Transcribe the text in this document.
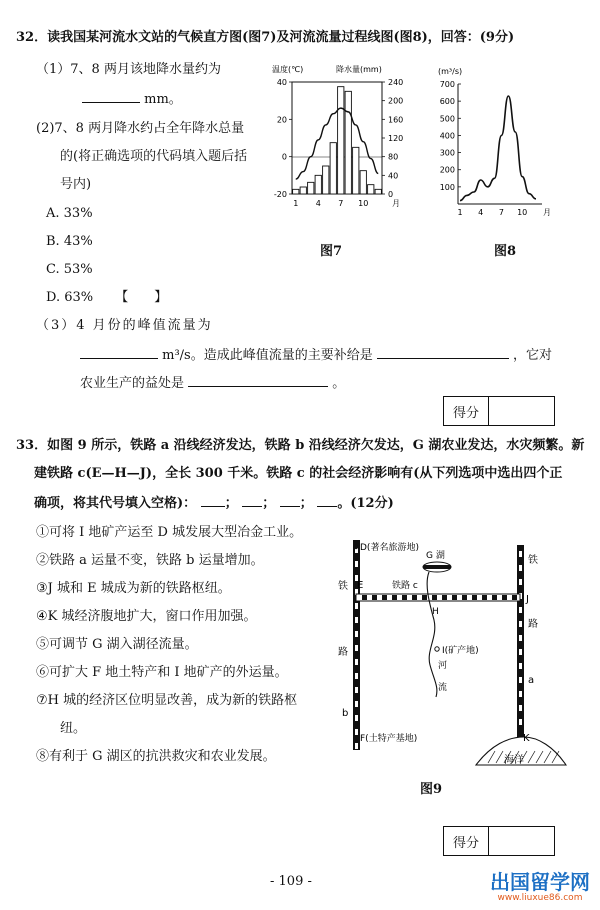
32．读我国某河流水文站的气候直方图(图7)及河流流量过程线图(图8)，回答：(9分)
（1）7、8 两月该地降水量约为
mm。
(2)7、8 两月降水约占全年降水总量
的(将正确选项的代码填入题后括
号内)
A. 33%
B. 43%
C. 53%
D. 63% 【　　】
（3）4 月份的峰值流量为
m³/s。造成此峰值流量的主要补给是	，它对
农业生产的益处是	。
得分
温度(℃)	降水量(mm)
40
20
0
-20
240
200
160
120
80
40
0
1 4 7 10	月
图7
(m³/s)
700
600
500
400
300
200
100
1 4 7 10 月
图8
33．如图 9 所示，铁路 a 沿线经济发达，铁路 b 沿线经济欠发达，G 湖农业发达，水灾频繁。新
建铁路 c(E—H—J)，全长 300 千米。铁路 c 的社会经济影响有(从下列选项中选出四个正
确项，将其代号填入空格)： ； ； ； 。(12分)
①可将 I 地矿产运至 D 城发展大型冶金工业。
②铁路 a 运量不变，铁路 b 运量增加。
③J 城和 E 城成为新的铁路枢纽。
④K 城经济腹地扩大，窗口作用加强。
⑤可调节 G 湖入湖径流量。
⑥可扩大 F 地土特产和 I 地矿产的外运量。
⑦H 城的经济区位明显改善，成为新的铁路枢
纽。
⑧有利于 G 湖区的抗洪救灾和农业发展。
D(著名旅游地)
G 湖
E	铁路 c
H
J
I(矿产地)
F(土特产基地)	K
海洋
铁
路
b
铁
路
a
河
流
图9
得分
- 109 -	出国留学网
www.liuxue86.com
